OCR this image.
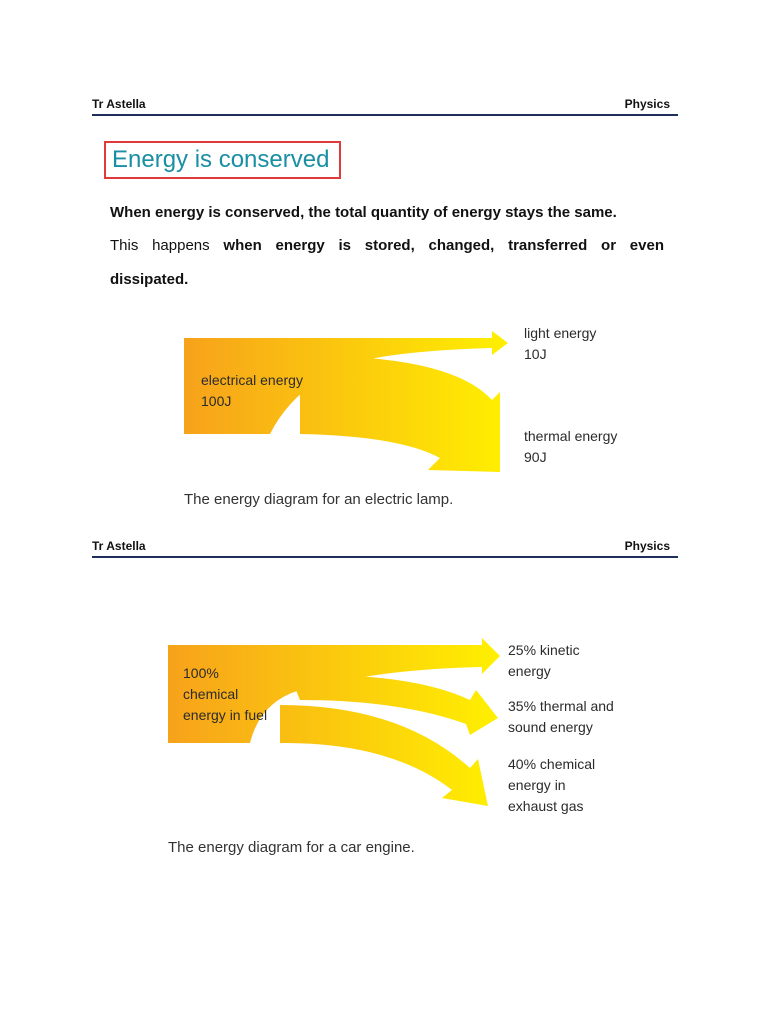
Tr Astella	Physics
Energy is conserved
When energy is conserved, the total quantity of energy stays the same.
This happens when energy is stored, changed, transferred or even
dissipated.
electrical energy
100J
light energy
10J
thermal energy
90J
The energy diagram for an electric lamp.
Tr Astella	Physics
100%
chemical
energy in fuel
25% kinetic
energy
35% thermal and
sound energy
40% chemical
energy in
exhaust gas
The energy diagram for a car engine.
